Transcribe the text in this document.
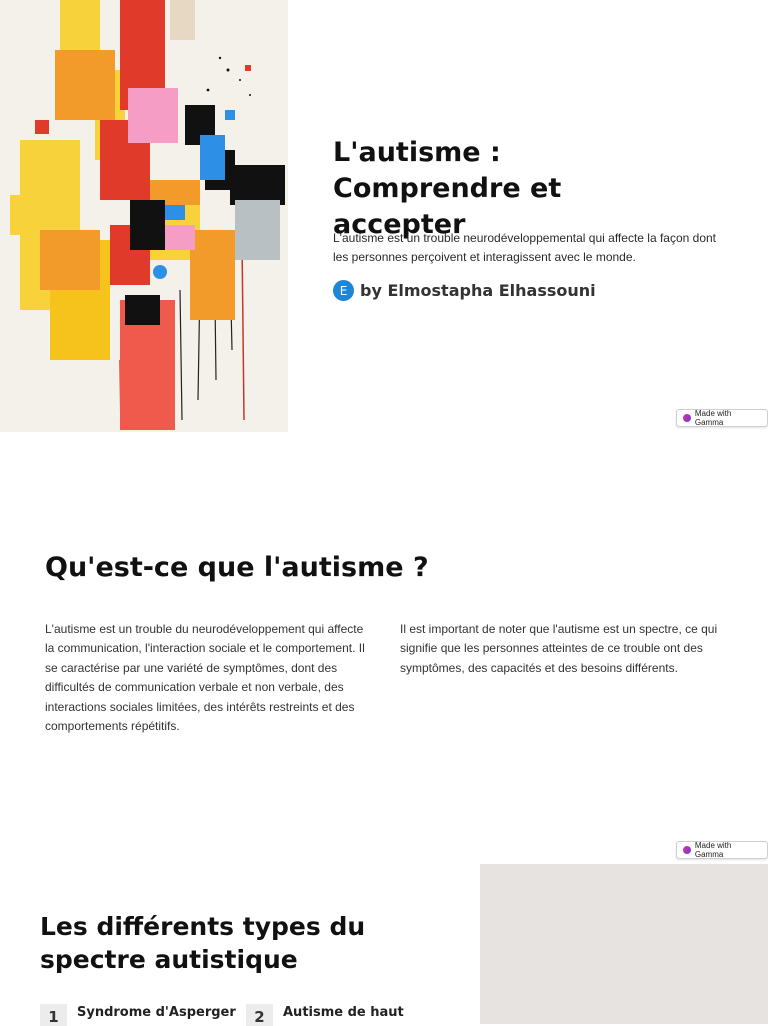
L'autisme : Comprendre et accepter

L'autisme est un trouble neurodéveloppemental qui affecte la façon dont les personnes perçoivent et interagissent avec le monde.

E by Elmostapha Elhassouni
Made with Gamma
Qu'est-ce que l'autisme ?

L'autisme est un trouble du neurodéveloppement qui affecte la communication, l'interaction sociale et le comportement. Il se caractérise par une variété de symptômes, dont des difficultés de communication verbale et non verbale, des interactions sociales limitées, des intérêts restreints et des comportements répétitifs.

Il est important de noter que l'autisme est un spectre, ce qui signifie que les personnes atteintes de ce trouble ont des symptômes, des capacités et des besoins différents.

Made with Gamma
Les différents types du spectre autistique
1	Syndrome d'Asperger	2	Autisme de haut
